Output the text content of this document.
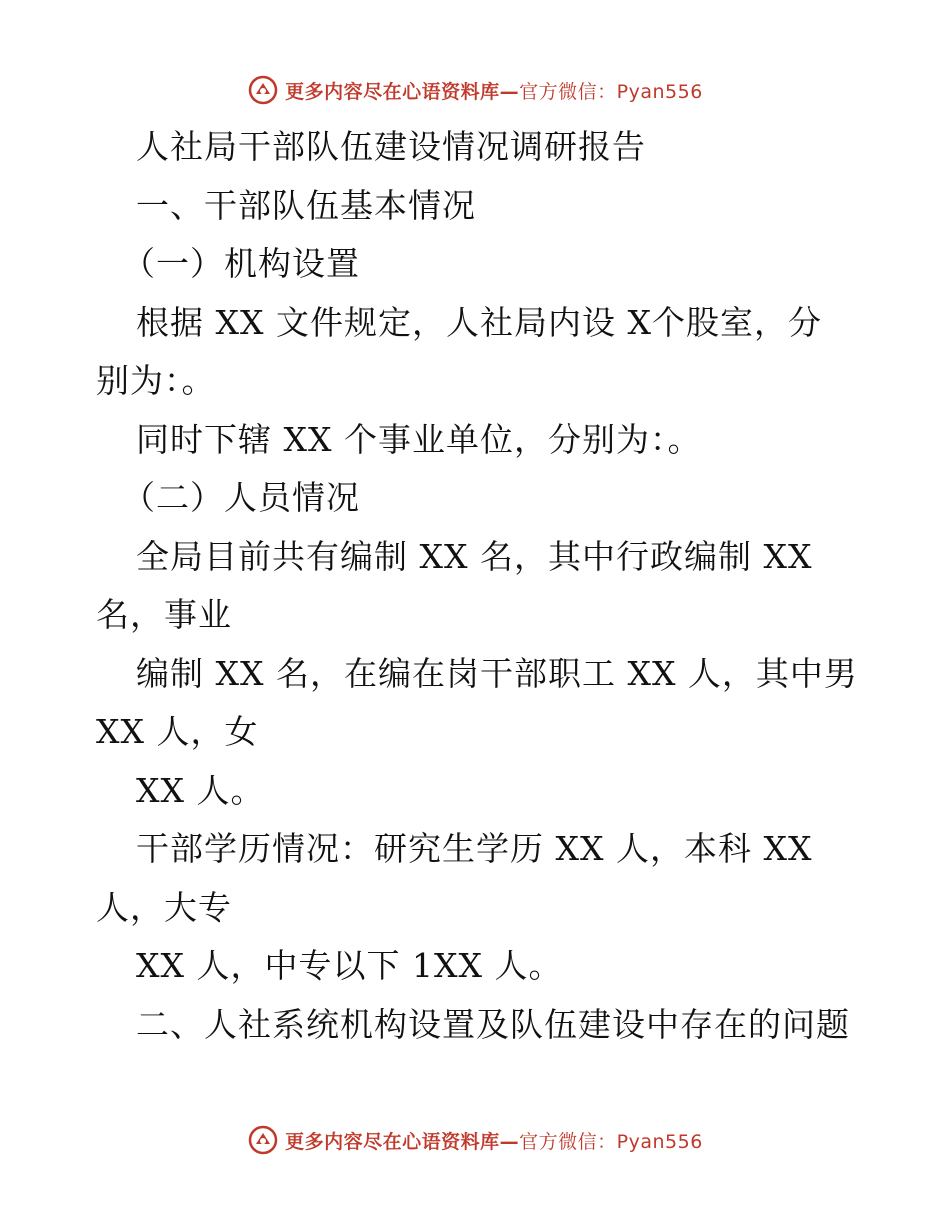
更多内容尽在心语资料库—官方微信：Pyan556
人社局干部队伍建设情况调研报告
一、干部队伍基本情况
（一）机构设置
根据 XX 文件规定，人社局内设 X个股室，分
别为：。
同时下辖 XX 个事业单位，分别为：。
（二）人员情况
全局目前共有编制 XX 名，其中行政编制 XX
名，事业
编制 XX 名，在编在岗干部职工 XX 人，其中男
XX 人，女
XX 人。
干部学历情况：研究生学历 XX 人，本科 XX
人，大专
XX 人，中专以下 1XX 人。
二、人社系统机构设置及队伍建设中存在的问题
更多内容尽在心语资料库—官方微信：Pyan556
